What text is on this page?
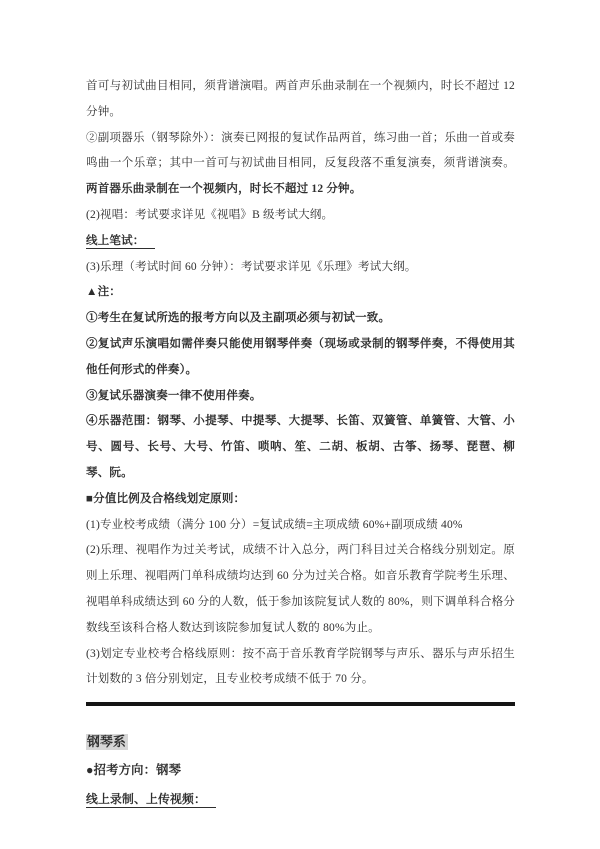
首可与初试曲目相同，须背谱演唱。两首声乐曲录制在一个视频内，时长不超过 12 分钟。

②副项器乐（钢琴除外）：演奏已网报的复试作品两首，练习曲一首；乐曲一首或奏鸣曲一个乐章；其中一首可与初试曲目相同，反复段落不重复演奏，须背谱演奏。两首器乐曲录制在一个视频内，时长不超过 12 分钟。

(2)视唱：考试要求详见《视唱》B 级考试大纲。

线上笔试：

(3)乐理（考试时间 60 分钟）：考试要求详见《乐理》考试大纲。

▲注：

①考生在复试所选的报考方向以及主副项必须与初试一致。

②复试声乐演唱如需伴奏只能使用钢琴伴奏（现场或录制的钢琴伴奏，不得使用其他任何形式的伴奏）。

③复试乐器演奏一律不使用伴奏。

④乐器范围：钢琴、小提琴、中提琴、大提琴、长笛、双簧管、单簧管、大管、小号、圆号、长号、大号、竹笛、唢呐、笙、二胡、板胡、古筝、扬琴、琵琶、柳琴、阮。

■分值比例及合格线划定原则：

(1)专业校考成绩（满分 100 分）=复试成绩=主项成绩 60%+副项成绩 40%

(2)乐理、视唱作为过关考试，成绩不计入总分，两门科目过关合格线分别划定。原则上乐理、视唱两门单科成绩均达到 60 分为过关合格。如音乐教育学院考生乐理、视唱单科成绩达到 60 分的人数，低于参加该院复试人数的 80%，则下调单科合格分数线至该科合格人数达到该院参加复试人数的 80%为止。

(3)划定专业校考合格线原则：按不高于音乐教育学院钢琴与声乐、器乐与声乐招生计划数的 3 倍分别划定，且专业校考成绩不低于 70 分。

钢琴系

●招考方向：钢琴

线上录制、上传视频：
